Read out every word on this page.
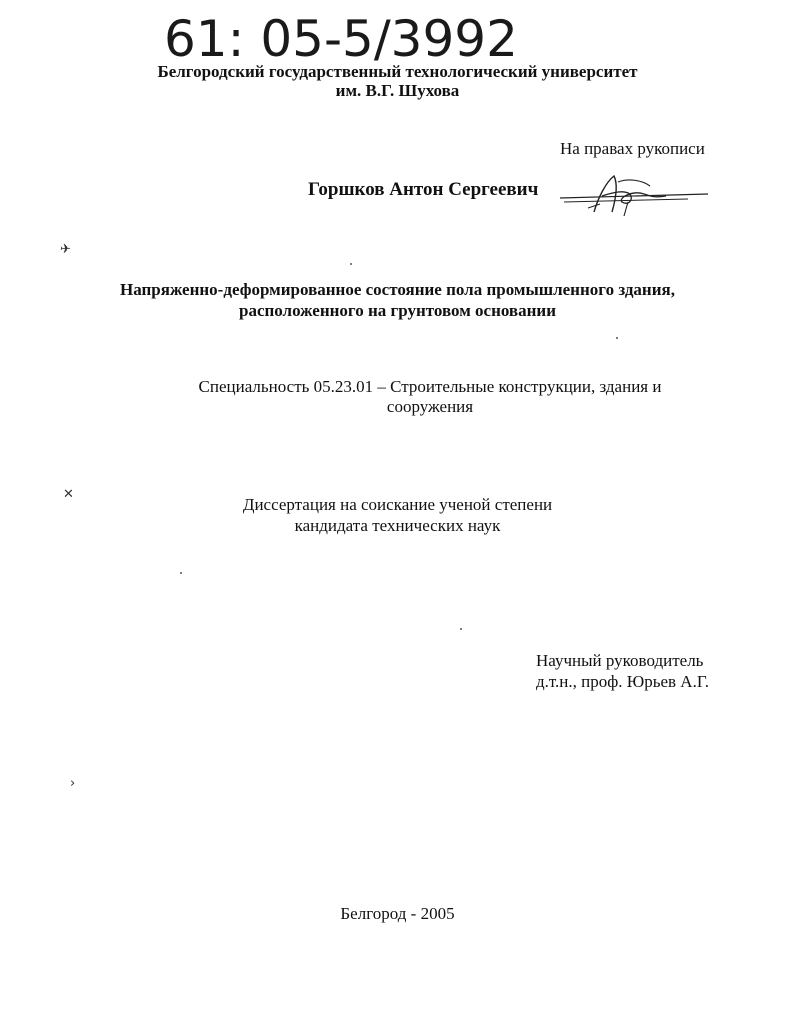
61: 05-5/3992
Белгородский государственный технологический университет
им. В.Г. Шухова
На правах рукописи
Горшков Антон Сергеевич
Напряженно-деформированное состояние пола промышленного здания,
расположенного на грунтовом основании
Специальность 05.23.01 – Строительные конструкции, здания и
сооружения
Диссертация на соискание ученой степени
кандидата технических наук
Научный руководитель
д.т.н., проф. Юрьев А.Г.
Белгород - 2005
✈
✕
›
